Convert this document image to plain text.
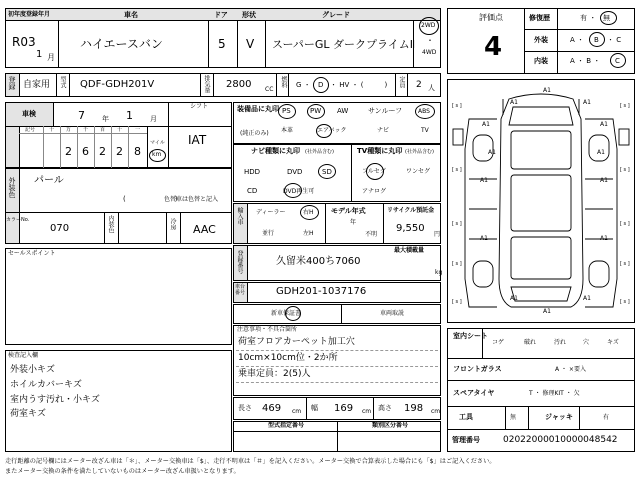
初年度登録年月	車名	ドア 形状	グレード
R03
1 月
ハイエースバン	5 V スーパーGL ダークプライムⅡ
2WD
・
4WD
評価点
4
修復歴	有 ・ 無
外装	A ・ B ・ C
内装	A ・ B ・ C
登録 自家用 型式 QDF-GDH201V	排気量 2800 CC
燃料 G ・ D ・ HV ・ (　　　) 定員 2 人
車検	7 年 1 月
シフト
記号	十 万 千 百 十	一
2 6 2 2 8
マイル
km
IAT
外装色 パール
(　　　　　　　)
色替車は色替と記入
カラーNo.
070	内装色	冷房 AAC
セールスポイント
検査記入欄
外装小キズ
ホイルカバーキズ
室内うす汚れ・小キズ
荷室キズ
装備品に丸印
(純正のみ)
PS	PW AW	サンルーフ	ABS
本革	エアバック	ナビ	TV
ナビ種類に丸印 (社外品含む)
HDD	DVD	SD
CD	DVD再生可
TV種類に丸印 (社外品含む)
フルセグ	ワンセグ
アナログ
輸入車 ディーラー	右H
並行	左H
モデル年式
年
不明
リサイクル預託金
9,550
円
登録番号	最大積載量
久留米400ち7060
kg
車台番号	GDH201-1037176
新車保証書	車両取説
注意事項・不具合箇所
荷室フロアカーペット加工穴
10cm×10cm位・2か所
乗車定員：2(5)人
長さ 469 cm 幅 169 cm 高さ 198 cm
型式指定番号	類別区分番号
A1
A1	A1
A1	A1
A1	A1
A1	A1
A1	A1
A1	A1
A1
[ s ]	[ s ]
[ s ]	[ s ]
[ s ]	[ s ]
[ s ]	[ s ]
[ s ]	[ s ]
室内シート
コゲ	破れ	汚れ	穴	キズ
フロントガラス	A ・ ×要入
スペアタイヤ	T ・ 修理KIT ・ 欠
工具	無	ジャッキ	有
管理番号	02022000010000048542
走行距離の記号欄にはメーター改ざん車は「＊」、メーター交換車は「$」、走行不明車は「＃」を記入ください。メーター交換で合算表示した場合にも「$」はご記入ください。
またメーター交換の条件を満たしていないものはメーター改ざん車扱いとなります。
